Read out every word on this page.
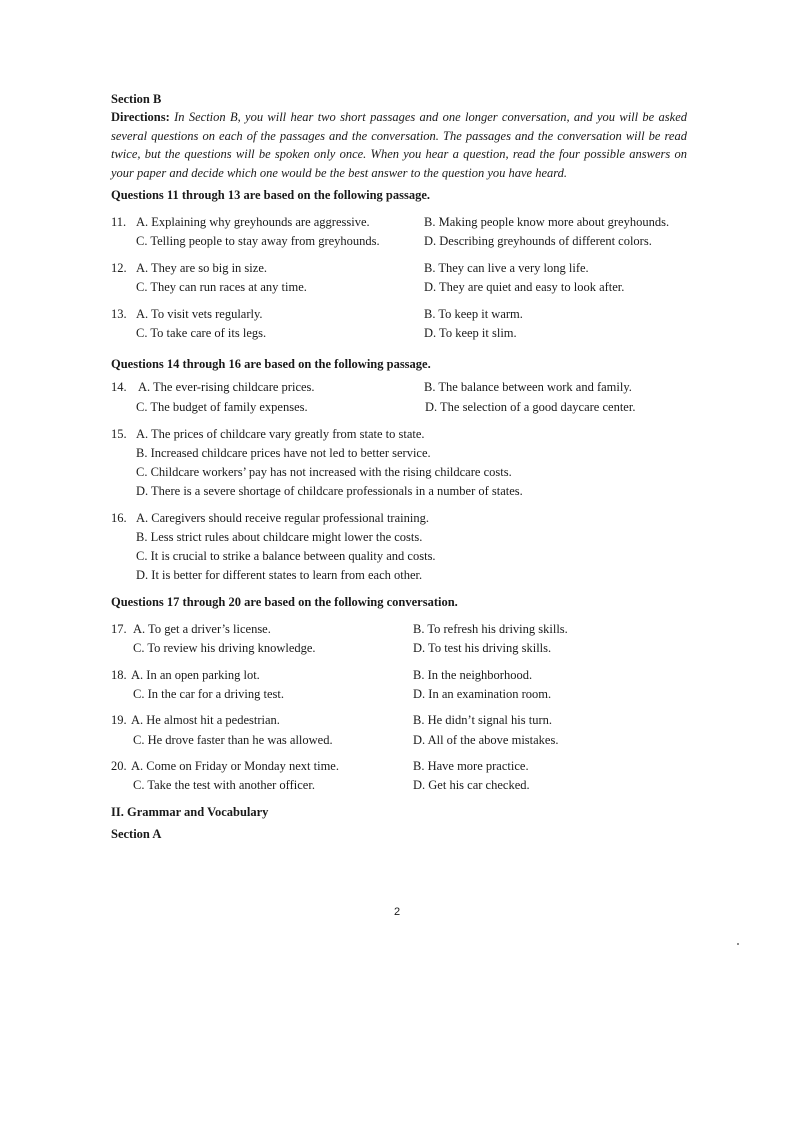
Section B
Directions: In Section B, you will hear two short passages and one longer conversation, and you will be asked several questions on each of the passages and the conversation. The passages and the conversation will be read twice, but the questions will be spoken only once. When you hear a question, read the four possible answers on your paper and decide which one would be the best answer to the question you have heard.
Questions 11 through 13 are based on the following passage.
11. A. Explaining why greyhounds are aggressive.	B. Making people know more about greyhounds.
C. Telling people to stay away from greyhounds.	D. Describing greyhounds of different colors.
12. A. They are so big in size.	B. They can live a very long life.
C. They can run races at any time.	D. They are quiet and easy to look after.
13. A. To visit vets regularly.	B. To keep it warm.
C. To take care of its legs.	D. To keep it slim.
Questions 14 through 16 are based on the following passage.
14. A. The ever-rising childcare prices.	B. The balance between work and family.
C. The budget of family expenses.	D. The selection of a good daycare center.
15. A. The prices of childcare vary greatly from state to state.
B. Increased childcare prices have not led to better service.
C. Childcare workers’ pay has not increased with the rising childcare costs.
D. There is a severe shortage of childcare professionals in a number of states.
16. A. Caregivers should receive regular professional training.
B. Less strict rules about childcare might lower the costs.
C. It is crucial to strike a balance between quality and costs.
D. It is better for different states to learn from each other.
Questions 17 through 20 are based on the following conversation.
17. A. To get a driver’s license.	B. To refresh his driving skills.
C. To review his driving knowledge.	D. To test his driving skills.
18. A. In an open parking lot.	B. In the neighborhood.
C. In the car for a driving test.	D. In an examination room.
19. A. He almost hit a pedestrian.	B. He didn’t signal his turn.
C. He drove faster than he was allowed.	D. All of the above mistakes.
20. A. Come on Friday or Monday next time.	B. Have more practice.
C. Take the test with another officer.	D. Get his car checked.
II. Grammar and Vocabulary
Section A
2
